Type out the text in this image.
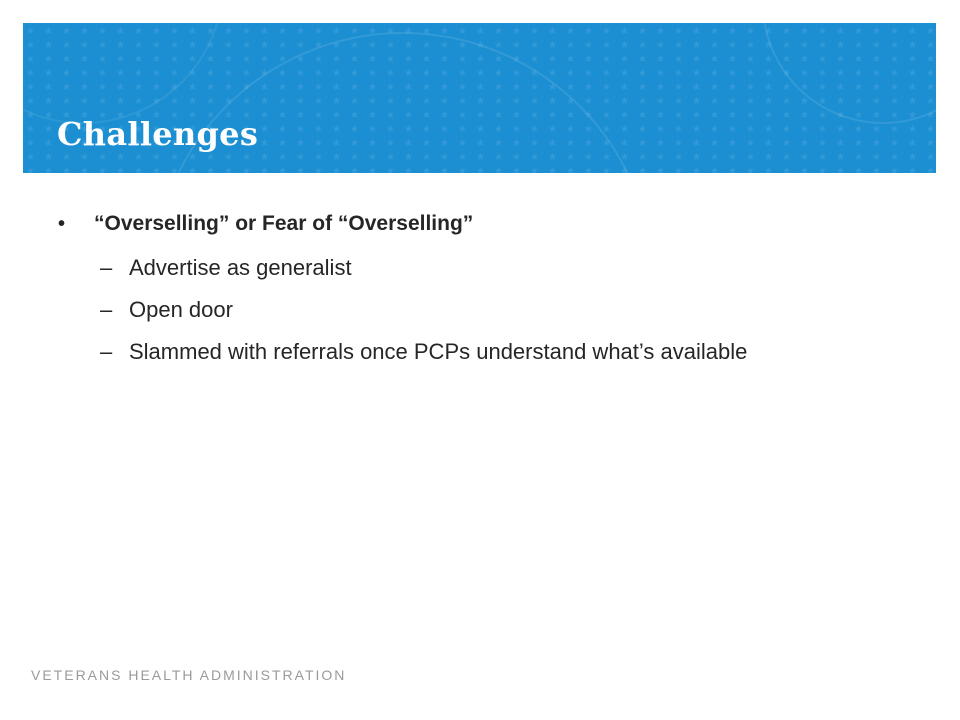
Challenges
• “Overselling” or Fear of “Overselling”
– Advertise as generalist
– Open door
– Slammed with referrals once PCPs understand what’s available
VETERANS HEALTH ADMINISTRATION
